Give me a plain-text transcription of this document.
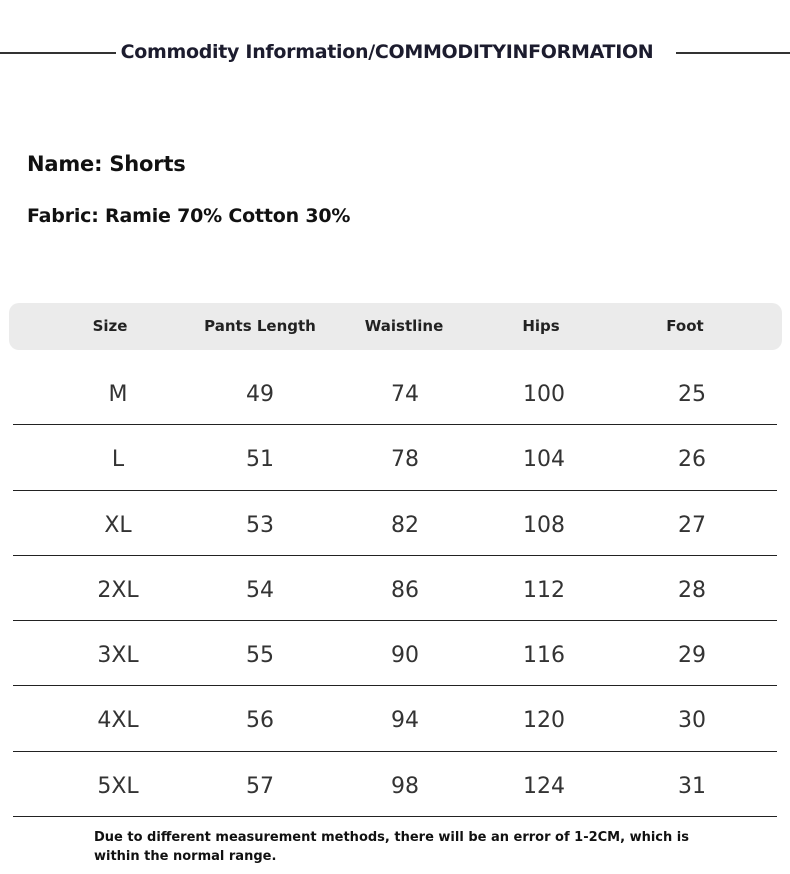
Commodity Information/COMMODITYINFORMATION
Name: Shorts
Fabric: Ramie 70% Cotton 30%
Size	Pants Length	Waistline	Hips	Foot
M	49	74	100	25
L	51	78	104	26
XL	53	82	108	27
2XL	54	86	112	28
3XL	55	90	116	29
4XL	56	94	120	30
5XL	57	98	124	31
Due to different measurement methods, there will be an error of 1-2CM, which is within the normal range.
